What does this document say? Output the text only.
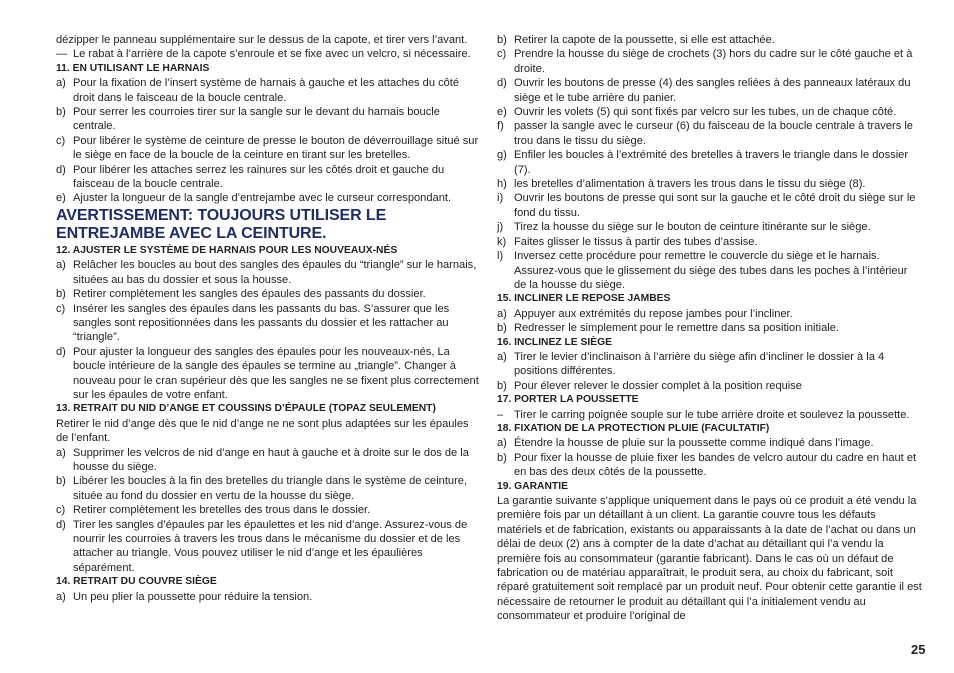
dézipper le panneau supplémentaire sur le dessus de la capote, et tirer vers l’avant.
— Le rabat à l’arrière de la capote s’enroule et se fixe avec un velcro, si nécessaire.
11. EN UTILISANT LE HARNAIS
a) Pour la fixation de l’insert système de harnais à gauche et les attaches du côté droit dans le faisceau de la boucle centrale.
b) Pour serrer les courroies tirer sur la sangle sur le devant du harnais boucle centrale.
c) Pour libérer le système de ceinture de presse le bouton de déverrouillage situé sur le siège en face de la boucle de la ceinture en tirant sur les bretelles.
d) Pour libérer les attaches serrez les rainures sur les côtés droit et gauche du faisceau de la boucle centrale.
e) Ajuster la longueur de la sangle d’entrejambe avec le curseur correspondant.
AVERTISSEMENT: TOUJOURS UTILISER LE ENTREJAMBE AVEC LA CEINTURE.
12. AJUSTER LE SYSTÈME DE HARNAIS POUR LES NOUVEAUX-NÉS
a) Relâcher les boucles au bout des sangles des épaules du “triangle” sur le harnais, situées au bas du dossier et sous la housse.
b) Retirer complètement les sangles des épaules des passants du dossier.
c) Insérer les sangles des épaules dans les passants du bas. S’assurer que les sangles sont repositionnées dans les passants du dossier et les rattacher au “triangle”.
d) Pour ajuster la longueur des sangles des épaules pour les nouveaux-nés, La boucle intérieure de la sangle des épaules se termine au „triangle”. Changer à nouveau pour le cran supérieur dès que les sangles ne se fixent plus correctement sur les épaules de votre enfant.
13. RETRAIT DU NID D’ANGE ET COUSSINS D’ÉPAULE (TOPAZ SEULEMENT)
Retirer le nid d’ange dès que le nid d’ange ne ne sont plus adaptées sur les épaules de l’enfant.
a) Supprimer les velcros de nid d’ange en haut à gauche et à droite sur le dos de la housse du siège.
b) Libérer les boucles à la fin des bretelles du triangle dans le système de ceinture, située au fond du dossier en vertu de la housse du siège.
c) Retirer complètement les bretelles des trous dans le dossier.
d) Tirer les sangles d’épaules par les épaulettes et les nid d’ange. Assurez-vous de nourrir les courroies à travers les trous dans le mécanisme du dossier et de les attacher au triangle. Vous pouvez utiliser le nid d’ange et les épaulières séparément.
14. RETRAIT DU COUVRE SIÈGE
a) Un peu plier la poussette pour réduire la tension.
b) Retirer la capote de la poussette, si elle est attachée.
c) Prendre la housse du siège de crochets (3) hors du cadre sur le côté gauche et à droite.
d) Ouvrir les boutons de presse (4) des sangles reliées à des panneaux latéraux du siège et le tube arrière du panier.
e) Ouvrir les volets (5) qui sont fixés par velcro sur les tubes, un de chaque côté.
f) passer la sangle avec le curseur (6) du faisceau de la boucle centrale à travers le trou dans le tissu du siège.
g) Enfiler les boucles à l’extrémité des bretelles à travers le triangle dans le dossier (7).
h) les bretelles d’alimentation à travers les trous dans le tissu du siège (8).
i) Ouvrir les boutons de presse qui sont sur la gauche et le côté droit du siège sur le fond du tissu.
j) Tirez la housse du siège sur le bouton de ceinture itinérante sur le siège.
k) Faites glisser le tissus à partir des tubes d’assise.
l) Inversez cette procédure pour remettre le couvercle du siège et le harnais. Assurez-vous que le glissement du siège des tubes dans les poches à l’intérieur de la housse du siège.
15. INCLINER LE REPOSE JAMBES
a) Appuyer aux extrémités du repose jambes pour l’incliner.
b) Redresser le simplement pour le remettre dans sa position initiale.
16. INCLINEZ LE SIÈGE
a) Tirer le levier d’inclinaison à l’arrière du siège afin d’incliner le dossier à la 4 positions différentes.
b) Pour élever relever le dossier complet à la position requise
17. PORTER LA POUSSETTE
– Tirer le carring poignée souple sur le tube arrière droite et soulevez la poussette.
18. FIXATION DE LA PROTECTION PLUIE (FACULTATIF)
a) Étendre la housse de pluie sur la poussette comme indiqué dans l’image.
b) Pour fixer la housse de pluie fixer les bandes de velcro autour du cadre en haut et en bas des deux côtés de la poussette.
19. GARANTIE
La garantie suivante s’applique uniquement dans le pays où ce produit a été vendu la première fois par un détaillant à un client. La garantie couvre tous les défauts matériels et de fabrication, existants ou apparaissants à la date de l’achat ou dans un délai de deux (2) ans à compter de la date d’achat au détaillant qui l’a vendu la première fois au consommateur (garantie fabricant). Dans le cas où un défaut de fabrication ou de matériau apparaîtrait, le produit sera, au choix du fabricant, soit réparé gratuitement soit remplacé par un produit neuf. Pour obtenir cette garantie il est nécessaire de retourner le produit au détaillant qui l’a initialement vendu au consommateur et produire l’original de
25
